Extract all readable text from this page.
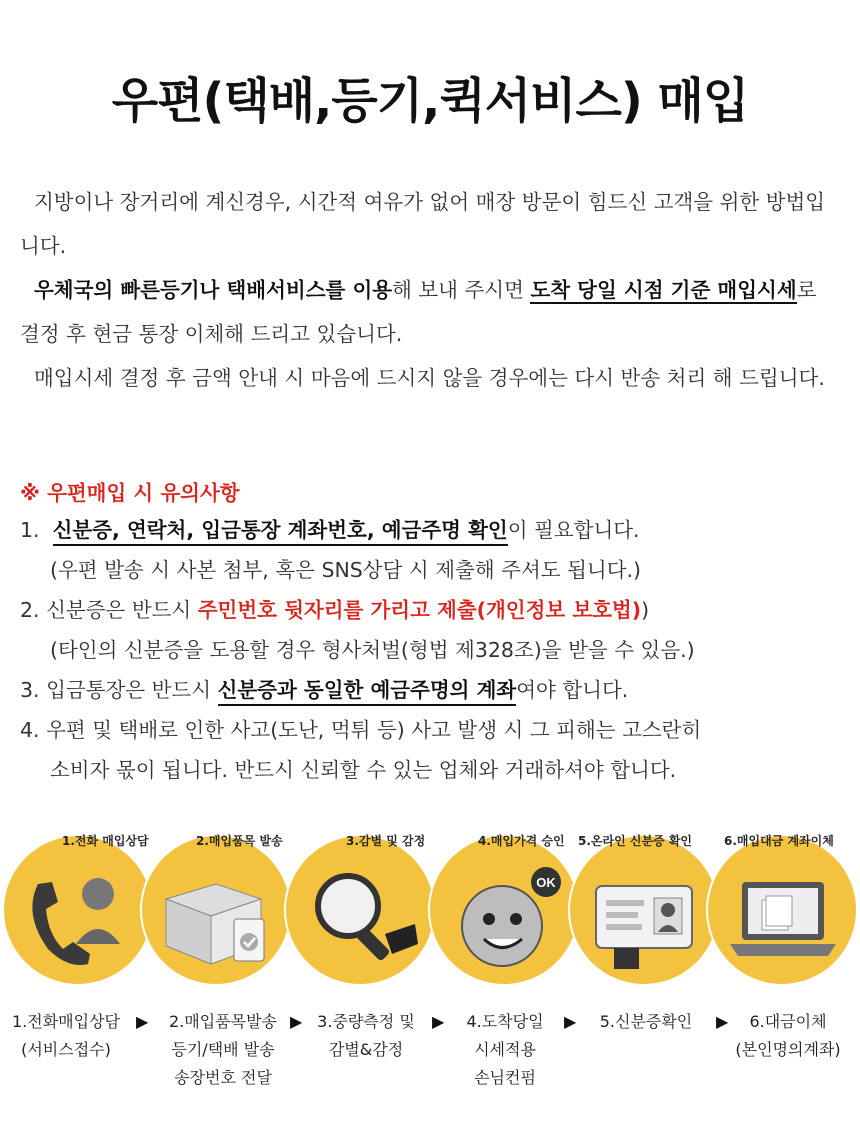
우편(택배,등기,퀵서비스) 매입

지방이나 장거리에 계신경우, 시간적 여유가 없어 매장 방문이 힘드신 고객을 위한 방법입니다.

우체국의 빠른등기나 택배서비스를 이용해 보내 주시면 도착 당일 시점 기준 매입시세로 결정 후 현금 통장 이체해 드리고 있습니다.

매입시세 결정 후 금액 안내 시 마음에 드시지 않을 경우에는 다시 반송 처리 해 드립니다.

※ 우편매입 시 유의사항
1. 신분증, 연락처, 입금통장 계좌번호, 예금주명 확인이 필요합니다.
(우편 발송 시 사본 첨부, 혹은 SNS상담 시 제출해 주셔도 됩니다.)
2. 신분증은 반드시 주민번호 뒷자리를 가리고 제출(개인정보 보호법))
(타인의 신분증을 도용할 경우 형사처벌(형법 제328조)을 받을 수 있음.)
3. 입금통장은 반드시 신분증과 동일한 예금주명의 계좌여야 합니다.
4. 우편 및 택배로 인한 사고(도난, 먹튀 등) 사고 발생 시 그 피해는 고스란히
소비자 몫이 됩니다. 반드시 신뢰할 수 있는 업체와 거래하셔야 합니다.
OK
1.전화 매입상담	2.매입품목 발송	3.감별 및 감정	4.매입가격 승인 5.온라인 신분증 확인	6.매입대금 계좌이체
1.전화매입상담
(서비스접수)
▶	2.매입품목발송
등기/택배 발송
송장번호 전달
▶ 3.중량측정 및
감별&감정
▶	4.도착당일
시세적용
손님컨펌
▶	5.신분증확인	▶	6.대금이체
(본인명의계좌)
